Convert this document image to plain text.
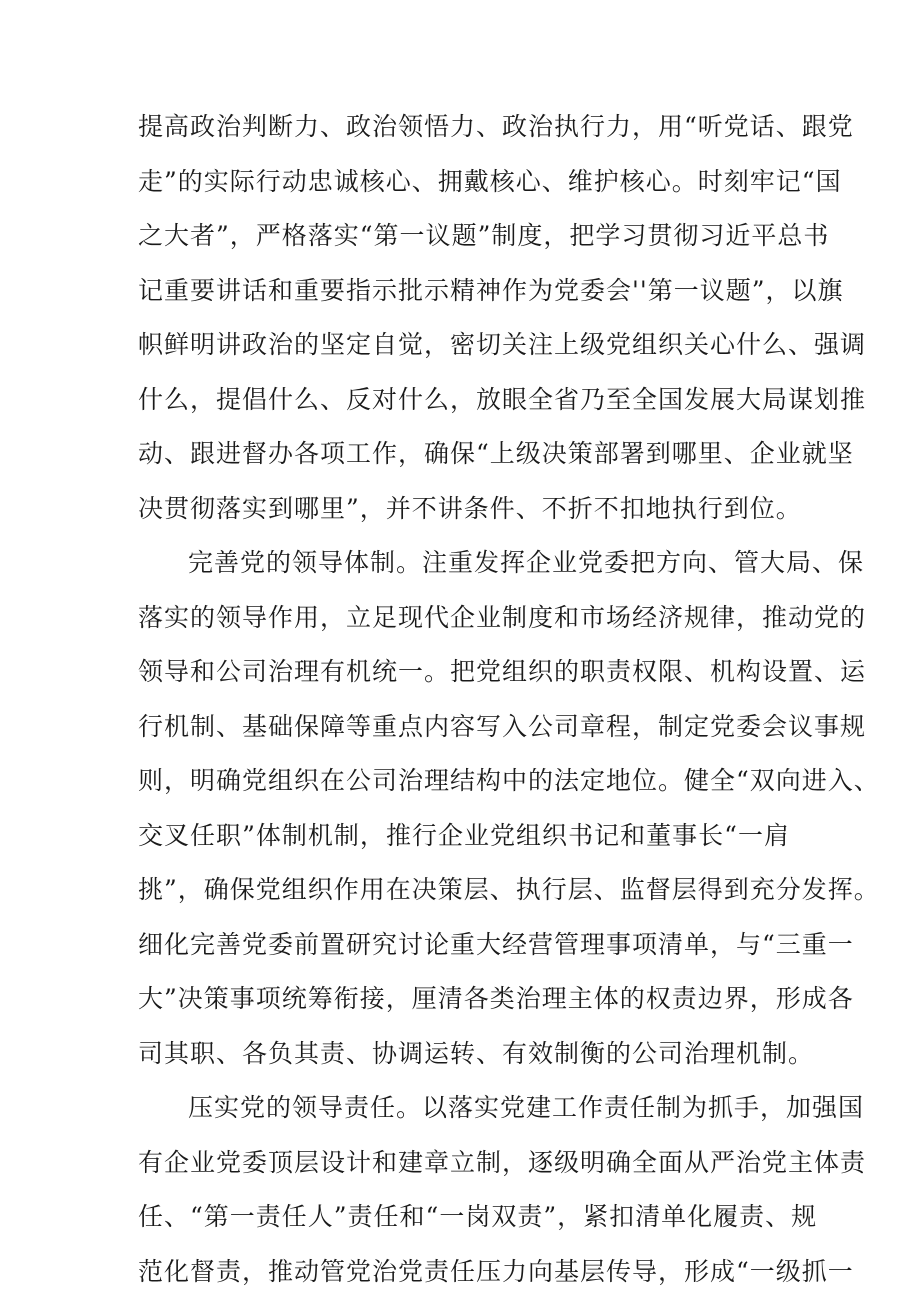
提高政治判断力、政治领悟力、政治执行力，用“听党话、跟党
走”的实际行动忠诚核心、拥戴核心、维护核心。时刻牢记“国
之大者”，严格落实“第一议题”制度，把学习贯彻习近平总书
记重要讲话和重要指示批示精神作为党委会''第一议题”，以旗
帜鲜明讲政治的坚定自觉，密切关注上级党组织关心什么、强调
什么，提倡什么、反对什么，放眼全省乃至全国发展大局谋划推
动、跟进督办各项工作，确保“上级决策部署到哪里、企业就坚
决贯彻落实到哪里”，并不讲条件、不折不扣地执行到位。
完善党的领导体制。注重发挥企业党委把方向、管大局、保
落实的领导作用，立足现代企业制度和市场经济规律，推动党的
领导和公司治理有机统一。把党组织的职责权限、机构设置、运
行机制、基础保障等重点内容写入公司章程，制定党委会议事规
则，明确党组织在公司治理结构中的法定地位。健全“双向进入、
交叉任职”体制机制，推行企业党组织书记和董事长“一肩
挑”，确保党组织作用在决策层、执行层、监督层得到充分发挥。
细化完善党委前置研究讨论重大经营管理事项清单，与“三重一
大”决策事项统筹衔接，厘清各类治理主体的权责边界，形成各
司其职、各负其责、协调运转、有效制衡的公司治理机制。
压实党的领导责任。以落实党建工作责任制为抓手，加强国
有企业党委顶层设计和建章立制，逐级明确全面从严治党主体责
任、“第一责任人”责任和“一岗双责”，紧扣清单化履责、规
范化督责，推动管党治党责任压力向基层传导，形成“一级抓一
